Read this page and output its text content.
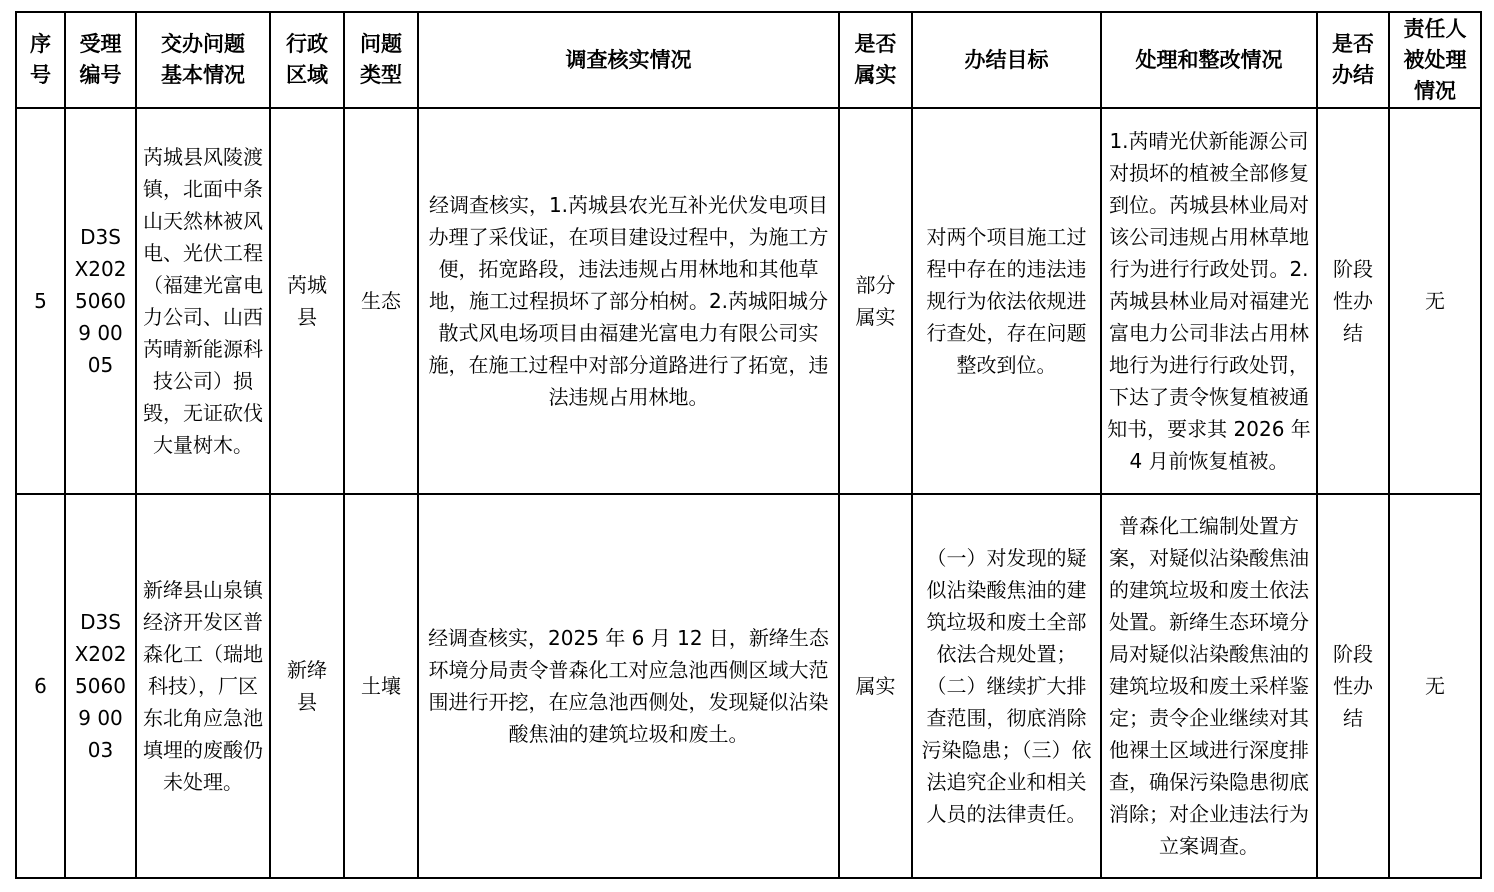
序号	受理编号	交办问题基本情况	行政区域	问题类型	调查核实情况	是否属实	办结目标	处理和整改情况	是否办结	责任人被处理情况
5	D3SX20250609 0005	芮城县风陵渡镇，北面中条山天然林被风电、光伏工程（福建光富电力公司、山西芮晴新能源科技公司）损毁，无证砍伐大量树木。	芮城县	生态	经调查核实，1.芮城县农光互补光伏发电项目办理了采伐证，在项目建设过程中，为施工方便，拓宽路段，违法违规占用林地和其他草地，施工过程损坏了部分柏树。2.芮城阳城分散式风电场项目由福建光富电力有限公司实施，在施工过程中对部分道路进行了拓宽，违法违规占用林地。	部分属实	对两个项目施工过程中存在的违法违规行为依法依规进行查处，存在问题整改到位。	1.芮晴光伏新能源公司对损坏的植被全部修复到位。芮城县林业局对该公司违规占用林草地行为进行行政处罚。2.芮城县林业局对福建光富电力公司非法占用林地行为进行行政处罚，下达了责令恢复植被通知书，要求其 2026 年 4 月前恢复植被。	阶段性办结	无
6	D3SX20250609 0003	新绛县山泉镇经济开发区普森化工（瑞地科技），厂区东北角应急池填埋的废酸仍未处理。	新绛县	土壤	经调查核实，2025 年 6 月 12 日，新绛生态环境分局责令普森化工对应急池西侧区域大范围进行开挖，在应急池西侧处，发现疑似沾染酸焦油的建筑垃圾和废土。	属实	（一）对发现的疑似沾染酸焦油的建筑垃圾和废土全部依法合规处置；（二）继续扩大排查范围，彻底消除污染隐患；（三）依法追究企业和相关人员的法律责任。	普森化工编制处置方案，对疑似沾染酸焦油的建筑垃圾和废土依法处置。新绛生态环境分局对疑似沾染酸焦油的建筑垃圾和废土采样鉴定；责令企业继续对其他裸土区域进行深度排查，确保污染隐患彻底消除；对企业违法行为立案调查。	阶段性办结	无
